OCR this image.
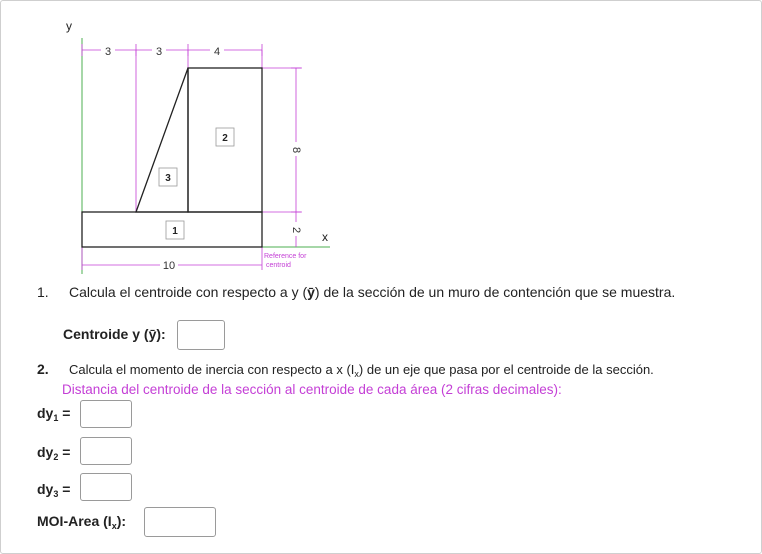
y
x
3	3	4
8
2
10
1
2
3
Reference for
centroid
1. Calcula el centroide con respecto a y (ȳ) de la sección de un muro de contención que se muestra.
Centroide y (ȳ):
2. Calcula el momento de inercia con respecto a x $(I_x)$ de un eje que pasa por el centroide de la sección.
Distancia del centroide de la sección al centroide de cada área (2 cifras decimales):
$dy_1$ =
$dy_2$ =
$dy_3$ =
MOI-Area $(I_x)$:
